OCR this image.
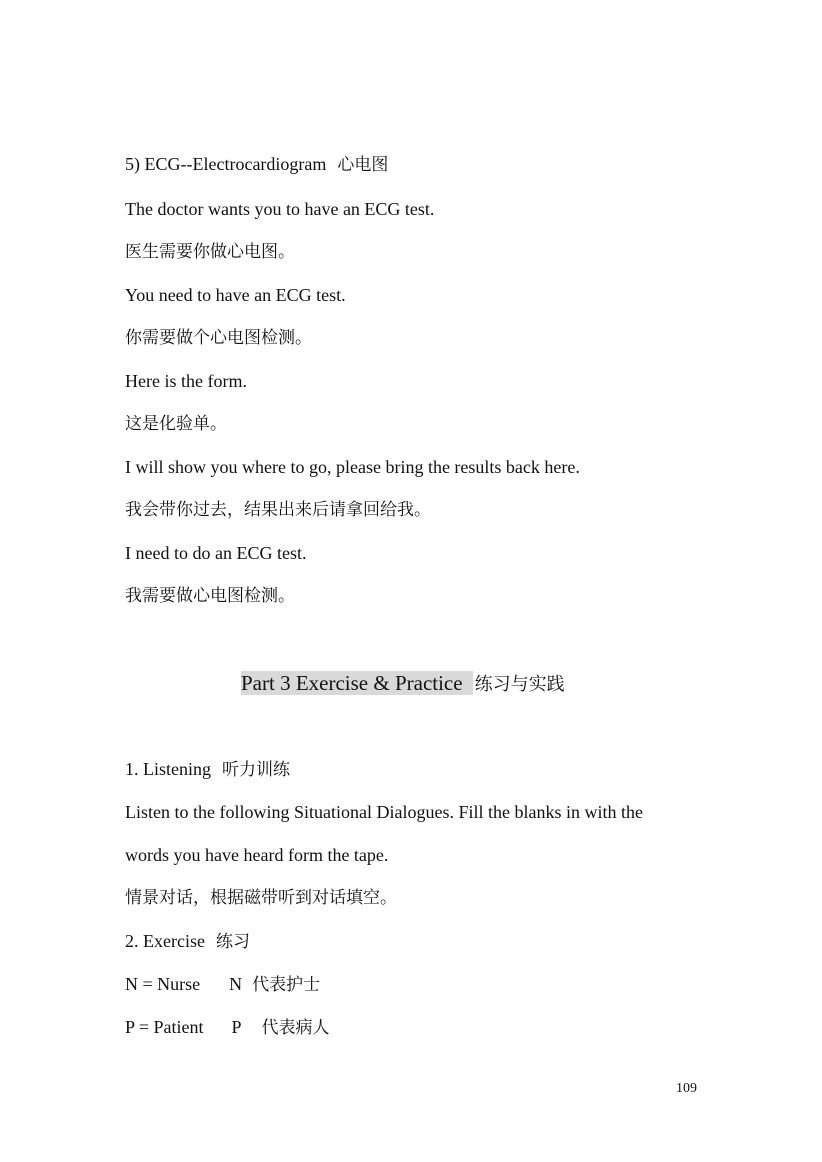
5) ECG--Electrocardiogram 心电图
The doctor wants you to have an ECG test.
医生需要你做心电图。
You need to have an ECG test.
你需要做个心电图检测。
Here is the form.
这是化验单。
I will show you where to go, please bring the results back here.
我会带你过去，结果出来后请拿回给我。
I need to do an ECG test.
我需要做心电图检测。
Part 3 Exercise & Practice 练习与实践
1. Listening 听力训练
Listen to the following Situational Dialogues. Fill the blanks in with the
words you have heard form the tape.
情景对话，根据磁带听到对话填空。
2. Exercise 练习
N = Nurse N 代表护士
P = Patient P 代表病人
109
